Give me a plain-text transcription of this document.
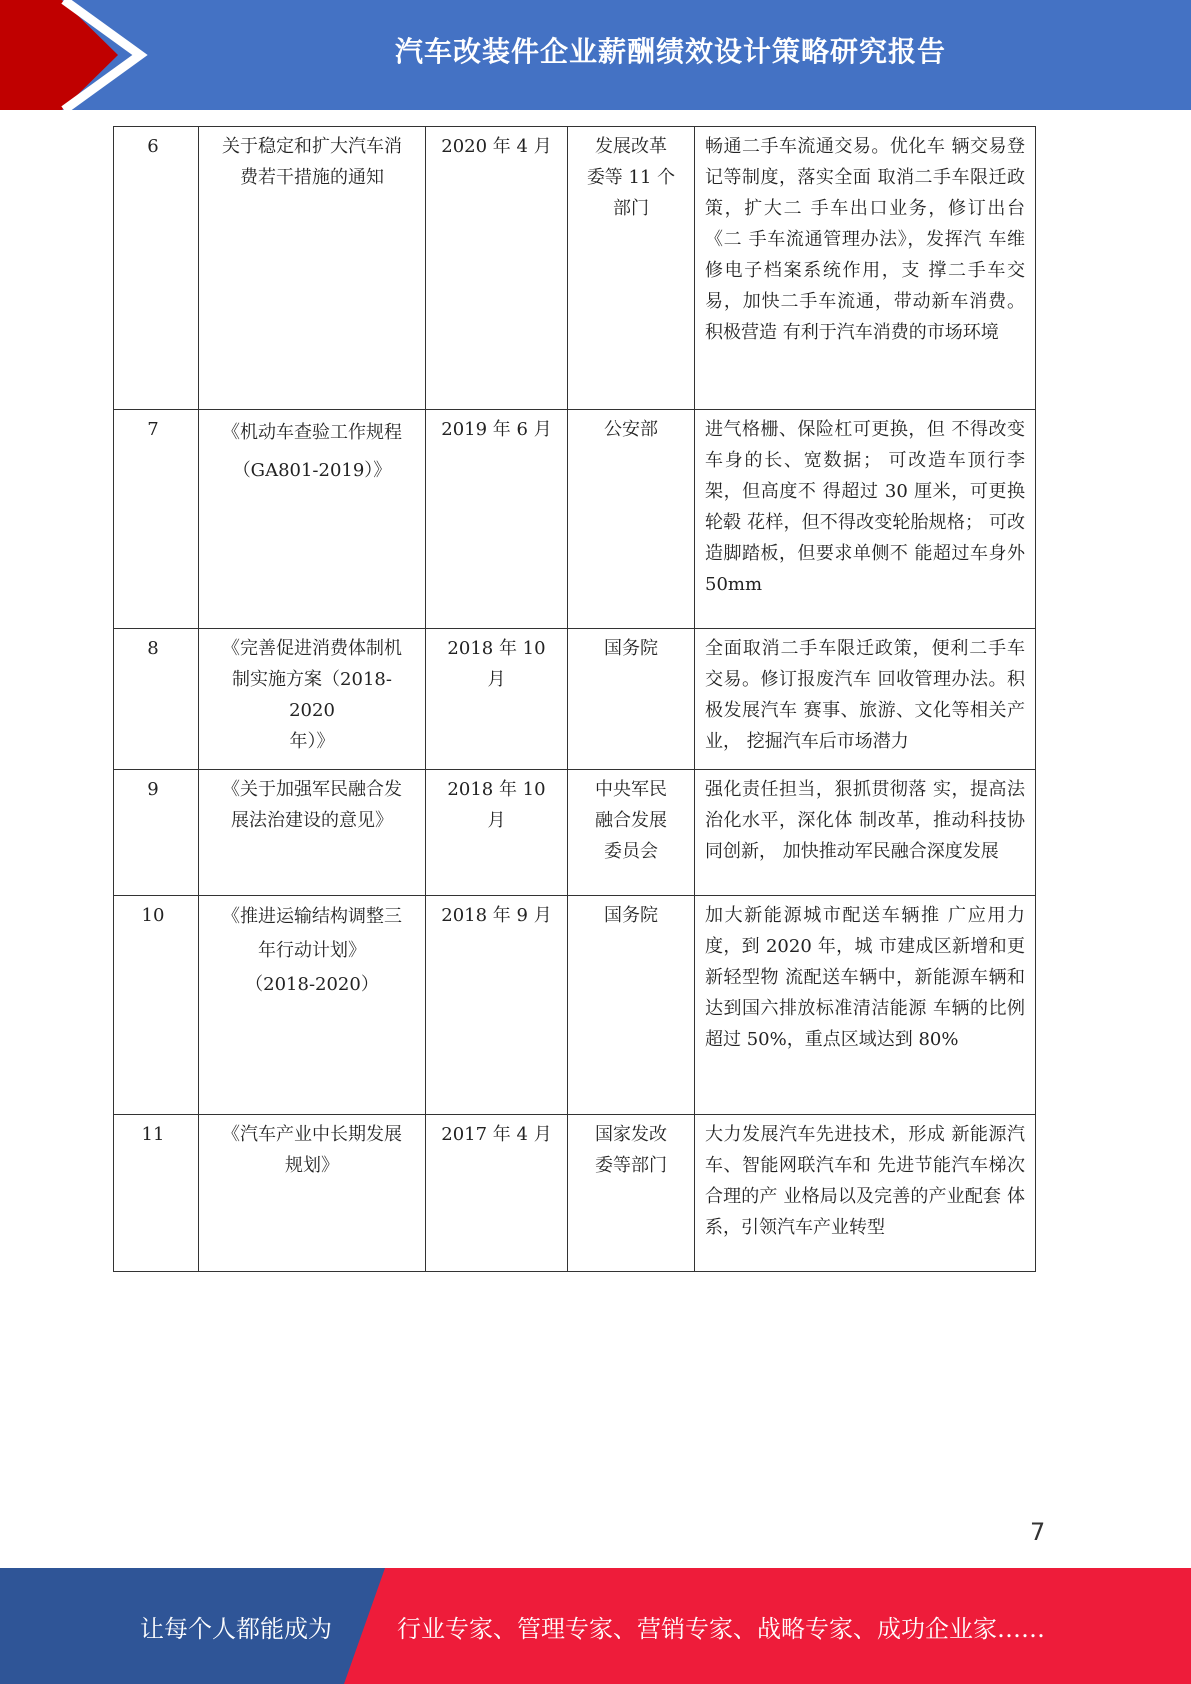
汽车改装件企业薪酬绩效设计策略研究报告
6	关于稳定和扩大汽车消
费若干措施的通知	2020 年 4 月	发展改革
委等 11 个
部门	畅通二手车流通交易。优化车 辆交易登记等制度，落实全面 取消二手车限迁政策，扩大二 手车出口业务，修订出台《二 手车流通管理办法》，发挥汽 车维修电子档案系统作用，支 撑二手车交易，加快二手车流通，带动新车消费。积极营造 有利于汽车消费的市场环境
7	《机动车查验工作规程
（GA801-2019）》	2019 年 6 月	公安部	进气格栅、保险杠可更换，但 不得改变车身的长、宽数据； 可改造车顶行李架，但高度不 得超过 30 厘米，可更换轮毂 花样，但不得改变轮胎规格； 可改造脚踏板，但要求单侧不 能超过车身外 50mm
8	《完善促进消费体制机
制实施方案（2018-
2020
年）》	2018 年 10 月	国务院	全面取消二手车限迁政策，便利二手车交易。修订报废汽车 回收管理办法。积极发展汽车 赛事、旅游、文化等相关产业， 挖掘汽车后市场潜力

9	《关于加强军民融合发
展法治建设的意见》	2018 年 10 月	中央军民
融合发展
委员会	强化责任担当，狠抓贯彻落 实，提高法治化水平，深化体 制改革，推动科技协同创新， 加快推动军民融合深度发展
10	《推进运输结构调整三
年行动计划》
（2018-2020）	2018 年 9 月	国务院	加大新能源城市配送车辆推 广应用力度，到 2020 年，城 市建成区新增和更新轻型物 流配送车辆中，新能源车辆和 达到国六排放标准清洁能源 车辆的比例超过 50%，重点区域达到 80%
11	《汽车产业中长期发展
规划》	2017 年 4 月	国家发改
委等部门	大力发展汽车先进技术，形成 新能源汽车、智能网联汽车和 先进节能汽车梯次合理的产 业格局以及完善的产业配套 体系，引领汽车产业转型
7
让每个人都能成为	行业专家、管理专家、营销专家、战略专家、成功企业家……
